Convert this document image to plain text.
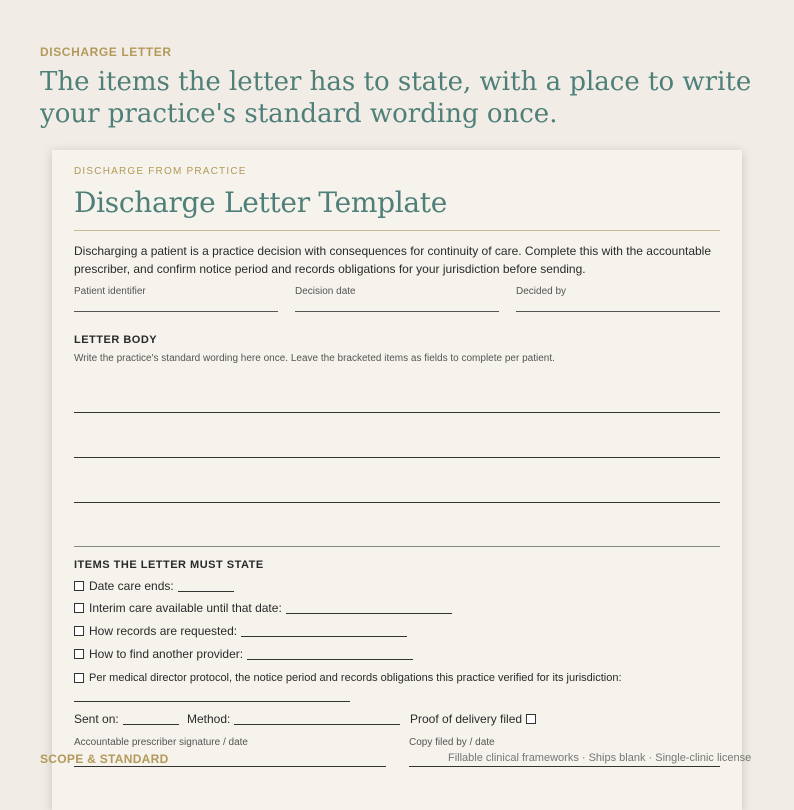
DISCHARGE LETTER
The items the letter has to state, with a place to write your practice's standard wording once.
DISCHARGE FROM PRACTICE
Discharge Letter Template
Discharging a patient is a practice decision with consequences for continuity of care. Complete this with the accountable prescriber, and confirm notice period and records obligations for your jurisdiction before sending.
Patient identifier	Decision date	Decided by
LETTER BODY
Write the practice's standard wording here once. Leave the bracketed items as fields to complete per patient.
ITEMS THE LETTER MUST STATE
Date care ends:
Interim care available until that date:
How records are requested:
How to find another provider:
Per medical director protocol, the notice period and records obligations this practice verified for its jurisdiction:
Sent on:	Method:	Proof of delivery filed
Accountable prescriber signature / date	Copy filed by / date
SCOPE & STANDARD	Fillable clinical frameworks · Ships blank · Single-clinic license
